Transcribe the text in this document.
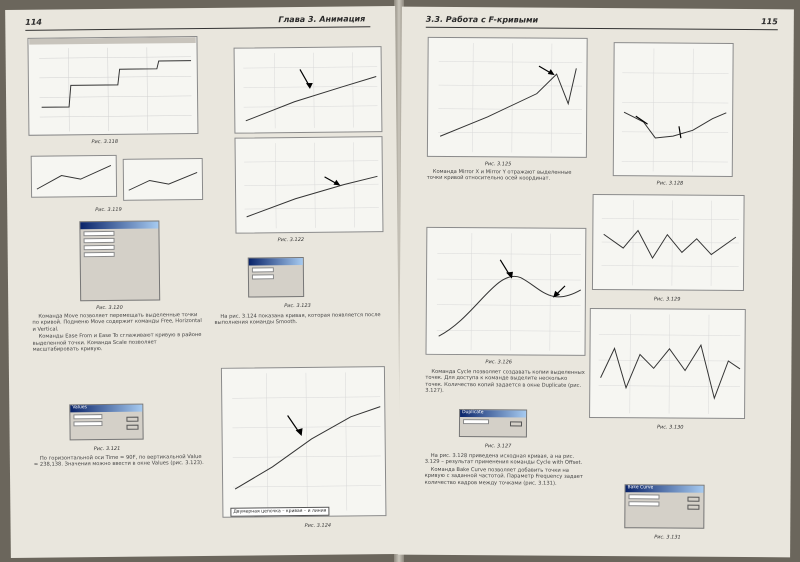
114	Глава 3. Анимация
Рис. 3.118
Рис. 3.119
Рис. 3.120

Команда Move позволяет перемещать выделенные точки по кривой. Подменю Move содержит команды Free, Horizontal и Vertical.

Команды Ease From и Ease To сглаживают кривую в районе выделенной точки. Команда Scale позволяет масштабировать кривую.

Values
Рис. 3.121

По горизонтальной оси Time = 90F, по вертикальной Value = 238,138. Значения можно ввести в окне Values (рис. 3.123).

Рис. 3.122
Рис. 3.123

На рис. 3.124 показана кривая, которая появляется после выполнения команды Smooth.

Двумерная цепочка – кривая – и линия
Рис. 3.124
3.3. Работа с F-кривыми	115
Рис. 3.125

Команда Mirror X и Mirror Y отражают выделенные точки кривой относительно осей координат.

Рис. 3.126

Команда Cycle позволяет создавать копии выделенных точек. Для доступа к команде выделите несколько точек. Количество копий задается в окне Duplicate (рис. 3.127).

Duplicate
Рис. 3.127

На рис. 3.128 приведена исходная кривая, а на рис. 3.129 – результат применения команды Cycle with Offset.

Команда Bake Curve позволяет добавить точки на кривую с заданной частотой. Параметр Frequency задает количество кадров между точками (рис. 3.131).

Рис. 3.128
Рис. 3.129
Рис. 3.130
Bake Curve
Рис. 3.131
